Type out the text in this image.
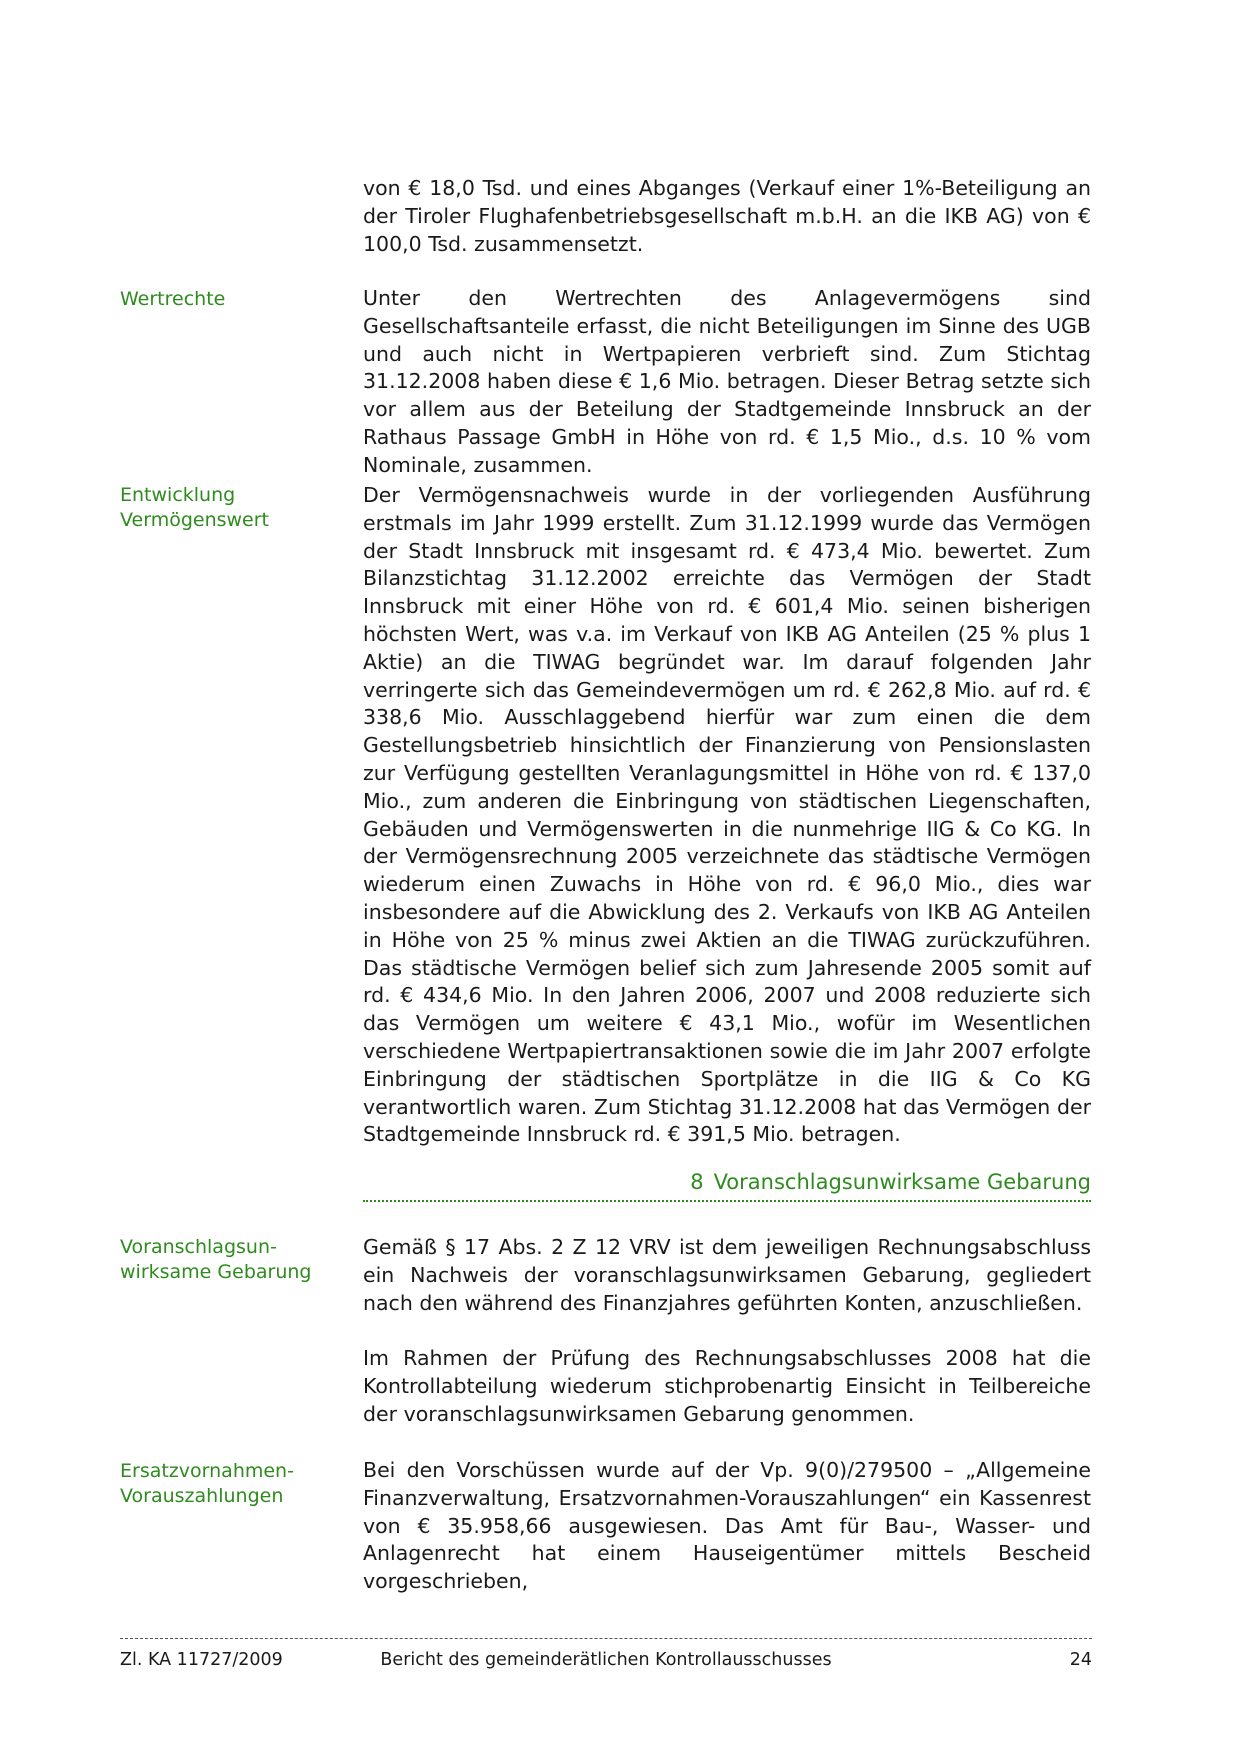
von € 18,0 Tsd. und eines Abganges (Verkauf einer 1%-Beteiligung an der Tiroler Flughafenbetriebsgesellschaft m.b.H. an die IKB AG) von € 100,0 Tsd. zusammensetzt.

Wertrechte	Unter den Wertrechten des Anlagevermögens sind Gesellschaftsanteile erfasst, die nicht Beteiligungen im Sinne des UGB und auch nicht in Wertpapieren verbrieft sind. Zum Stichtag 31.12.2008 haben diese € 1,6 Mio. betragen. Dieser Betrag setzte sich vor allem aus der Beteilung der Stadtgemeinde Innsbruck an der Rathaus Passage GmbH in Höhe von rd. € 1,5 Mio., d.s. 10 % vom Nominale, zusammen.

Entwicklung Vermögenswert

Der Vermögensnachweis wurde in der vorliegenden Ausführung erstmals im Jahr 1999 erstellt. Zum 31.12.1999 wurde das Vermögen der Stadt Innsbruck mit insgesamt rd. € 473,4 Mio. bewertet. Zum Bilanzstichtag 31.12.2002 erreichte das Vermögen der Stadt Innsbruck mit einer Höhe von rd. € 601,4 Mio. seinen bisherigen höchsten Wert, was v.a. im Verkauf von IKB AG Anteilen (25 % plus 1 Aktie) an die TIWAG begründet war. Im darauf folgenden Jahr verringerte sich das Gemeindevermögen um rd. € 262,8 Mio. auf rd. € 338,6 Mio. Ausschlaggebend hierfür war zum einen die dem Gestellungsbetrieb hinsichtlich der Finanzierung von Pensionslasten zur Verfügung gestellten Veranlagungsmittel in Höhe von rd. € 137,0 Mio., zum anderen die Einbringung von städtischen Liegenschaften, Gebäuden und Vermögenswerten in die nunmehrige IIG & Co KG. In der Vermögensrechnung 2005 verzeichnete das städtische Vermögen wiederum einen Zuwachs in Höhe von rd. € 96,0 Mio., dies war insbesondere auf die Abwicklung des 2. Verkaufs von IKB AG Anteilen in Höhe von 25 % minus zwei Aktien an die TIWAG zurückzuführen. Das städtische Vermögen belief sich zum Jahresende 2005 somit auf rd. € 434,6 Mio. In den Jahren 2006, 2007 und 2008 reduzierte sich das Vermögen um weitere € 43,1 Mio., wofür im Wesentlichen verschiedene Wertpapiertransaktionen sowie die im Jahr 2007 erfolgte Einbringung der städtischen Sportplätze in die IIG & Co KG verantwortlich waren. Zum Stichtag 31.12.2008 hat das Vermögen der Stadtgemeinde Innsbruck rd. € 391,5 Mio. betragen.

8 Voranschlagsunwirksame Gebarung
Voranschlagsun-wirksame Gebarung

Gemäß § 17 Abs. 2 Z 12 VRV ist dem jeweiligen Rechnungsabschluss ein Nachweis der voranschlagsunwirksamen Gebarung, gegliedert nach den während des Finanzjahres geführten Konten, anzuschließen.

Im Rahmen der Prüfung des Rechnungsabschlusses 2008 hat die Kontrollabteilung wiederum stichprobenartig Einsicht in Teilbereiche der voranschlagsunwirksamen Gebarung genommen.

Ersatzvornahmen-Vorauszahlungen

Bei den Vorschüssen wurde auf der Vp. 9(0)/279500 – „Allgemeine Finanzverwaltung, Ersatzvornahmen-Vorauszahlungen“ ein Kassenrest von € 35.958,66 ausgewiesen. Das Amt für Bau-, Wasser- und Anlagenrecht hat einem Hauseigentümer mittels Bescheid vorgeschrieben,

Zl. KA 11727/2009	Bericht des gemeinderätlichen Kontrollausschusses	24
